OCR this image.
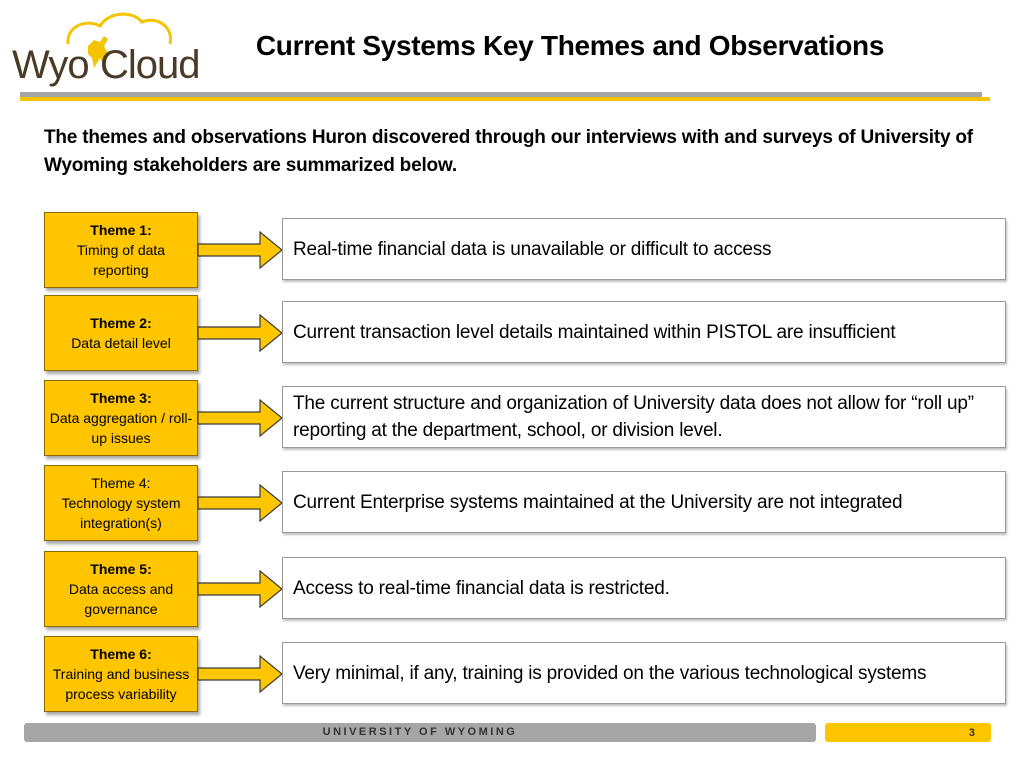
Wyo Cloud	Current Systems Key Themes and Observations
The themes and observations Huron discovered through our interviews with and surveys of University of Wyoming stakeholders are summarized below.
Theme 1:
Timing of data reporting
Real-time financial data is unavailable or difficult to access
Theme 2:
Data detail level
Current transaction level details maintained within PISTOL are insufficient
Theme 3:
Data aggregation / roll-up issues
The current structure and organization of University data does not allow for “roll up” reporting at the department, school, or division level.
Theme 4:
Technology system integration(s)
Current Enterprise systems maintained at the University are not integrated
Theme 5:
Data access and governance
Access to real-time financial data is restricted.
Theme 6:
Training and business process variability
Very minimal, if any, training is provided on the various technological systems
UNIVERSITY OF WYOMING	3
